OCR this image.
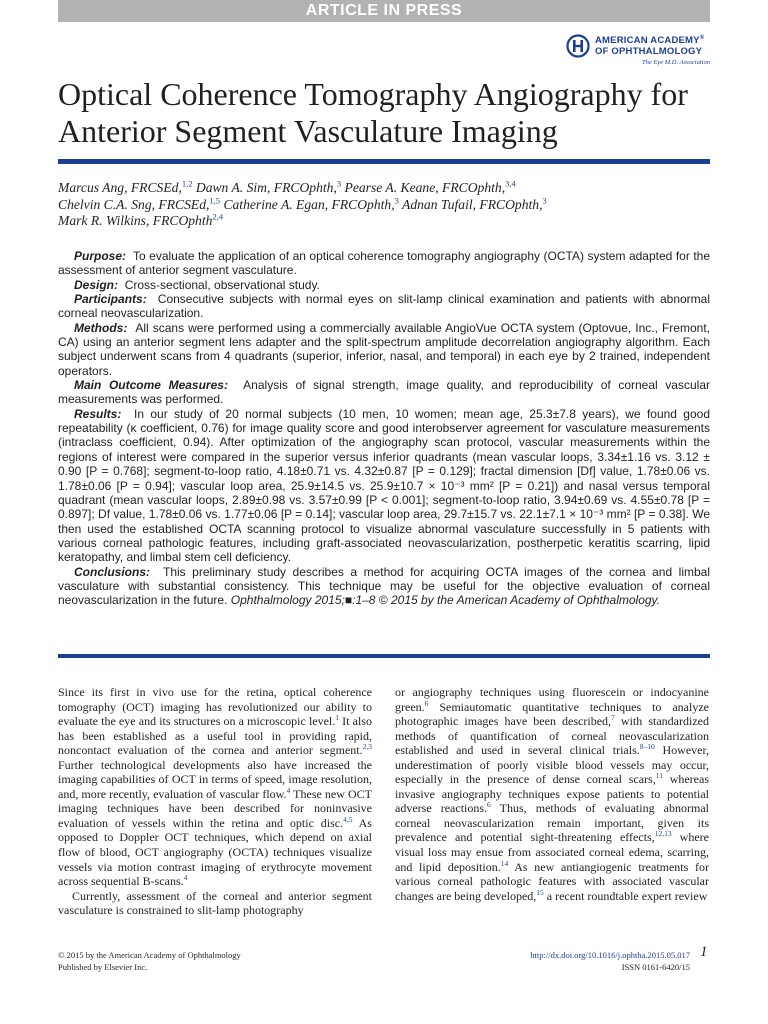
ARTICLE IN PRESS
AMERICAN ACADEMY®
OF OPHTHALMOLOGY
The Eye M.D. Association
Optical Coherence Tomography Angiography for Anterior Segment Vasculature Imaging
Marcus Ang, FRCSEd,$^{1,2}$ Dawn A. Sim, FRCOphth,$^3$ Pearse A. Keane, FRCOphth,$^{3,4}$
Chelvin C.A. Sng, FRCSEd,$^{1,5}$ Catherine A. Egan, FRCOphth,$^3$ Adnan Tufail, FRCOphth,$^3$
Mark R. Wilkins, FRCOphth$^{2,4}$

Purpose: To evaluate the application of an optical coherence tomography angiography (OCTA) system adapted for the assessment of anterior segment vasculature.

Design: Cross-sectional, observational study.

Participants: Consecutive subjects with normal eyes on slit-lamp clinical examination and patients with abnormal corneal neovascularization.

Methods: All scans were performed using a commercially available AngioVue OCTA system (Optovue, Inc., Fremont, CA) using an anterior segment lens adapter and the split-spectrum amplitude decorrelation angiography algorithm. Each subject underwent scans from 4 quadrants (superior, inferior, nasal, and temporal) in each eye by 2 trained, independent operators.

Main Outcome Measures: Analysis of signal strength, image quality, and reproducibility of corneal vascular measurements was performed.

Results: In our study of 20 normal subjects (10 men, 10 women; mean age, 25.3±7.8 years), we found good repeatability (κ coefficient, 0.76) for image quality score and good interobserver agreement for vasculature measurements (intraclass coefficient, 0.94). After optimization of the angiography scan protocol, vascular measurements within the regions of interest were compared in the superior versus inferior quadrants (mean vascular loops, 3.34±1.16 vs. 3.12 ± 0.90 [P = 0.768]; segment-to-loop ratio, 4.18±0.71 vs. 4.32±0.87 [P = 0.129]; fractal dimension [Df] value, 1.78±0.06 vs. 1.78±0.06 [P = 0.94]; vascular loop area, 25.9±14.5 vs. 25.9±10.7 × 10⁻³ mm² [P = 0.21]) and nasal versus temporal quadrant (mean vascular loops, 2.89±0.98 vs. 3.57±0.99 [P < 0.001]; segment-to-loop ratio, 3.94±0.69 vs. 4.55±0.78 [P = 0.897]; Df value, 1.78±0.06 vs. 1.77±0.06 [P = 0.14]; vascular loop area, 29.7±15.7 vs. 22.1±7.1 × 10⁻³ mm² [P = 0.38]. We then used the established OCTA scanning protocol to visualize abnormal vasculature successfully in 5 patients with various corneal pathologic features, including graft-associated neovascularization, postherpetic keratitis scarring, lipid keratopathy, and limbal stem cell deficiency.

Conclusions: This preliminary study describes a method for acquiring OCTA images of the cornea and limbal vasculature with substantial consistency. This technique may be useful for the objective evaluation of corneal neovascularization in the future. Ophthalmology 2015;■:1–8 © 2015 by the American Academy of Ophthalmology.

Since its first in vivo use for the retina, optical coherence tomography (OCT) imaging has revolutionized our ability to evaluate the eye and its structures on a microscopic level.$^1$ It also has been established as a useful tool in providing rapid, noncontact evaluation of the cornea and anterior segment.$^{2,3}$ Further technological developments also have increased the imaging capabilities of OCT in terms of speed, image resolution, and, more recently, evaluation of vascular flow.$^4$ These new OCT imaging techniques have been described for noninvasive evaluation of vessels within the retina and optic disc.$^{4,5}$ As opposed to Doppler OCT techniques, which depend on axial flow of blood, OCT angiography (OCTA) techniques visualize vessels via motion contrast imaging of erythrocyte movement across sequential B-scans.$^4$

Currently, assessment of the corneal and anterior segment vasculature is constrained to slit-lamp photography

or angiography techniques using fluorescein or indocyanine green.$^6$ Semiautomatic quantitative techniques to analyze photographic images have been described,$^7$ with standardized methods of quantification of corneal neovascularization established and used in several clinical trials.$^{8-10}$ However, underestimation of poorly visible blood vessels may occur, especially in the presence of dense corneal scars,$^{11}$ whereas invasive angiography techniques expose patients to potential adverse reactions.$^6$ Thus, methods of evaluating abnormal corneal neovascularization remain important, given its prevalence and potential sight-threatening effects,$^{12,13}$ where visual loss may ensue from associated corneal edema, scarring, and lipid deposition.$^{14}$ As new antiangiogenic treatments for various corneal pathologic features with associated vascular changes are being developed,$^{15}$ a recent roundtable expert review

© 2015 by the American Academy of Ophthalmology
Published by Elsevier Inc.
http://dx.doi.org/10.1016/j.ophtha.2015.05.017
ISSN 0161-6420/15
1
